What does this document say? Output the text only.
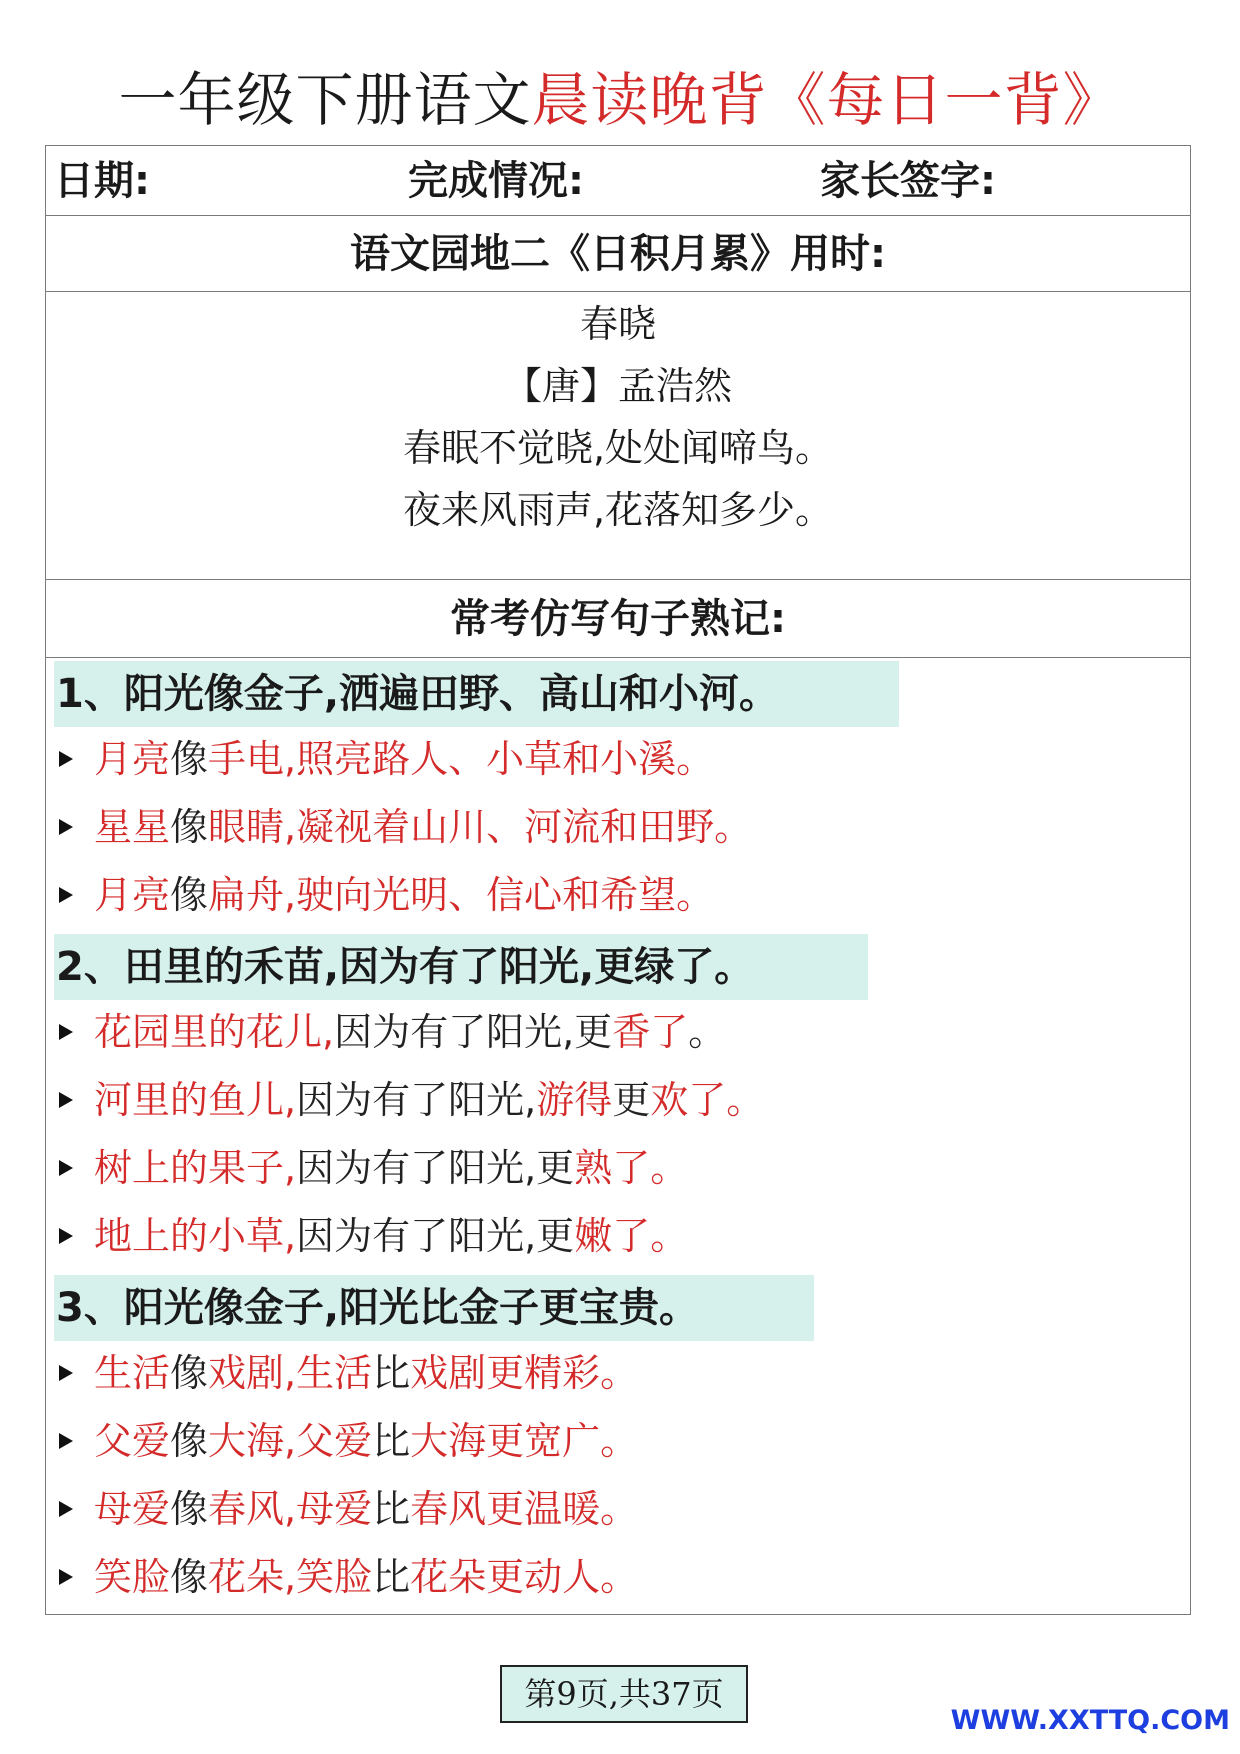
一年级下册语文晨读晚背《每日一背》
日期:	完成情况:	家长签字:
语文园地二《日积月累》用时:
春晓
【唐】孟浩然
春眠不觉晓,处处闻啼鸟。
夜来风雨声,花落知多少。
常考仿写句子熟记:
1、阳光像金子,洒遍田野、高山和小河。
月亮像手电,照亮路人、小草和小溪。
星星像眼睛,凝视着山川、河流和田野。
月亮像扁舟,驶向光明、信心和希望。
2、田里的禾苗,因为有了阳光,更绿了。
花园里的花儿,因为有了阳光,更香了。
河里的鱼儿,因为有了阳光,游得更欢了。
树上的果子,因为有了阳光,更熟了。
地上的小草,因为有了阳光,更嫩了。
3、阳光像金子,阳光比金子更宝贵。
生活像戏剧,生活比戏剧更精彩。
父爱像大海,父爱比大海更宽广。
母爱像春风,母爱比春风更温暖。
笑脸像花朵,笑脸比花朵更动人。
第9页,共37页
WWW.XXTTQ.COM
